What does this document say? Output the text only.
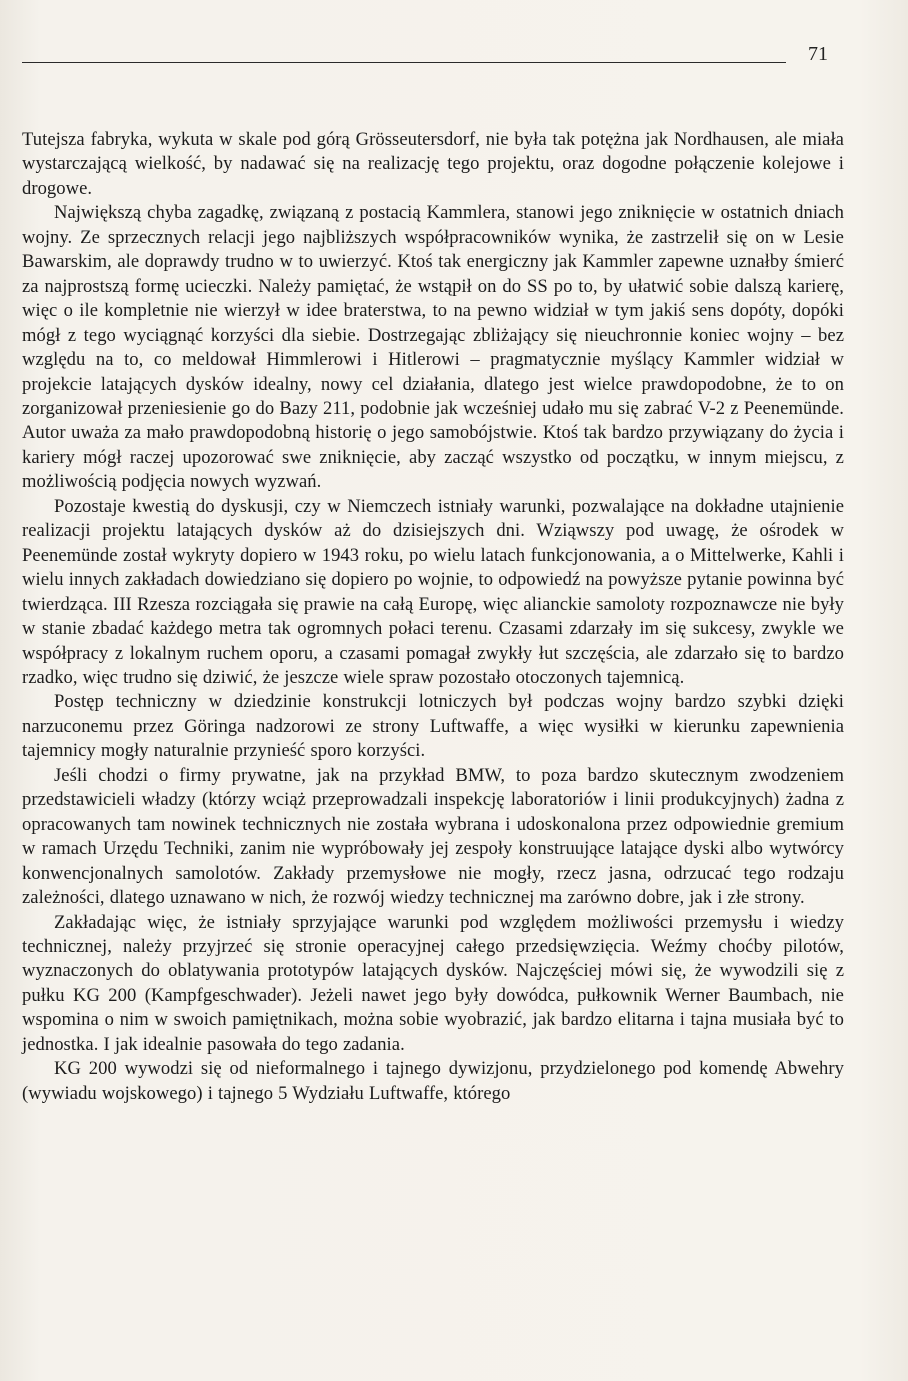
71

Tutejsza fabryka, wykuta w skale pod górą Grösseutersdorf, nie była tak potężna jak Nordhausen, ale miała wystarczającą wielkość, by nadawać się na realizację tego projektu, oraz dogodne połączenie kolejowe i drogowe.

Największą chyba zagadkę, związaną z postacią Kammlera, stanowi jego zniknięcie w ostatnich dniach wojny. Ze sprzecznych relacji jego najbliższych współpracowników wynika, że zastrzelił się on w Lesie Bawarskim, ale doprawdy trudno w to uwierzyć. Ktoś tak energiczny jak Kammler zapewne uznałby śmierć za najprostszą formę ucieczki. Należy pamiętać, że wstąpił on do SS po to, by ułatwić sobie dalszą karierę, więc o ile kompletnie nie wierzył w idee braterstwa, to na pewno widział w tym jakiś sens dopóty, dopóki mógł z tego wyciągnąć korzyści dla siebie. Dostrzegając zbliżający się nieuchronnie koniec wojny – bez względu na to, co meldował Himmlerowi i Hitlerowi – pragmatycznie myślący Kammler widział w projekcie latających dysków idealny, nowy cel działania, dlatego jest wielce prawdopodobne, że to on zorganizował przeniesienie go do Bazy 211, podobnie jak wcześniej udało mu się zabrać V-2 z Peenemünde. Autor uważa za mało prawdopodobną historię o jego samobójstwie. Ktoś tak bardzo przywiązany do życia i kariery mógł raczej upozorować swe zniknięcie, aby zacząć wszystko od początku, w innym miejscu, z możliwością podjęcia nowych wyzwań.

Pozostaje kwestią do dyskusji, czy w Niemczech istniały warunki, pozwalające na dokładne utajnienie realizacji projektu latających dysków aż do dzisiejszych dni. Wziąwszy pod uwagę, że ośrodek w Peenemünde został wykryty dopiero w 1943 roku, po wielu latach funkcjonowania, a o Mittelwerke, Kahli i wielu innych zakładach dowiedziano się dopiero po wojnie, to odpowiedź na powyższe pytanie powinna być twierdząca. III Rzesza rozciągała się prawie na całą Europę, więc alianckie samoloty rozpoznawcze nie były w stanie zbadać każdego metra tak ogromnych połaci terenu. Czasami zdarzały im się sukcesy, zwykle we współpracy z lokalnym ruchem oporu, a czasami pomagał zwykły łut szczęścia, ale zdarzało się to bardzo rzadko, więc trudno się dziwić, że jeszcze wiele spraw pozostało otoczonych tajemnicą.

Postęp techniczny w dziedzinie konstrukcji lotniczych był podczas wojny bardzo szybki dzięki narzuconemu przez Göringa nadzorowi ze strony Luftwaffe, a więc wysiłki w kierunku zapewnienia tajemnicy mogły naturalnie przynieść sporo korzyści.

Jeśli chodzi o firmy prywatne, jak na przykład BMW, to poza bardzo skutecznym zwodzeniem przedstawicieli władzy (którzy wciąż przeprowadzali inspekcję laboratoriów i linii produkcyjnych) żadna z opracowanych tam nowinek technicznych nie została wybrana i udoskonalona przez odpowiednie gremium w ramach Urzędu Techniki, zanim nie wypróbowały jej zespoły konstruujące latające dyski albo wytwórcy konwencjonalnych samolotów. Zakłady przemysłowe nie mogły, rzecz jasna, odrzucać tego rodzaju zależności, dlatego uznawano w nich, że rozwój wiedzy technicznej ma zarówno dobre, jak i złe strony.

Zakładając więc, że istniały sprzyjające warunki pod względem możliwości przemysłu i wiedzy technicznej, należy przyjrzeć się stronie operacyjnej całego przedsięwzięcia. Weźmy choćby pilotów, wyznaczonych do oblatywania prototypów latających dysków. Najczęściej mówi się, że wywodzili się z pułku KG 200 (Kampfgeschwader). Jeżeli nawet jego były dowódca, pułkownik Werner Baumbach, nie wspomina o nim w swoich pamiętnikach, można sobie wyobrazić, jak bardzo elitarna i tajna musiała być to jednostka. I jak idealnie pasowała do tego zadania.

KG 200 wywodzi się od nieformalnego i tajnego dywizjonu, przydzielonego pod komendę Abwehry (wywiadu wojskowego) i tajnego 5 Wydziału Luftwaffe, którego
